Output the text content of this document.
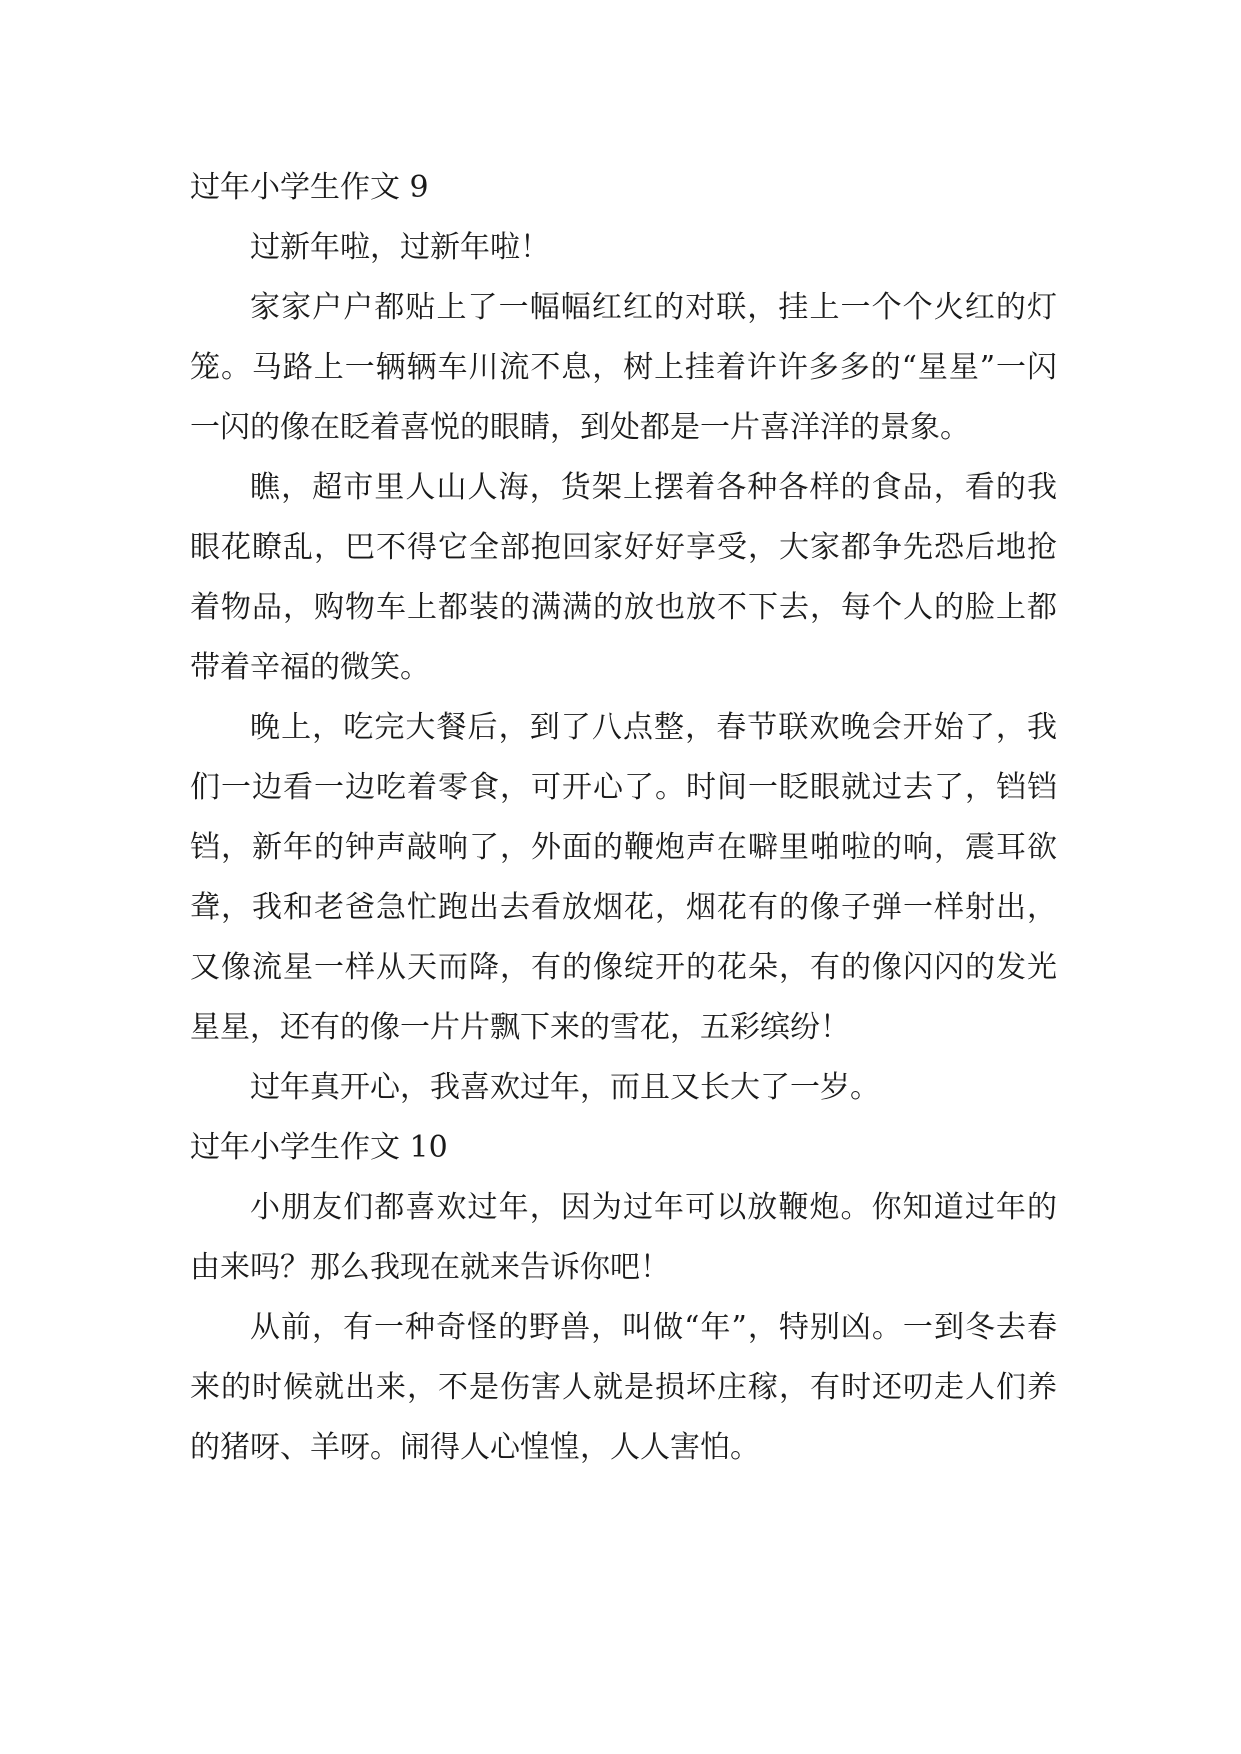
过年小学生作文 9

过新年啦，过新年啦！

家家户户都贴上了一幅幅红红的对联，挂上一个个火红的灯笼。马路上一辆辆车川流不息，树上挂着许许多多的“星星”一闪一闪的像在眨着喜悦的眼睛，到处都是一片喜洋洋的景象。

瞧，超市里人山人海，货架上摆着各种各样的食品，看的我眼花瞭乱，巴不得它全部抱回家好好享受，大家都争先恐后地抢着物品，购物车上都装的满满的放也放不下去，每个人的脸上都带着辛福的微笑。

晚上，吃完大餐后，到了八点整，春节联欢晚会开始了，我们一边看一边吃着零食，可开心了。时间一眨眼就过去了，铛铛铛，新年的钟声敲响了，外面的鞭炮声在噼里啪啦的响，震耳欲聋，我和老爸急忙跑出去看放烟花，烟花有的像子弹一样射出，又像流星一样从天而降，有的像绽开的花朵，有的像闪闪的发光星星，还有的像一片片飘下来的雪花，五彩缤纷！

过年真开心，我喜欢过年，而且又长大了一岁。

过年小学生作文 10

小朋友们都喜欢过年，因为过年可以放鞭炮。你知道过年的由来吗？那么我现在就来告诉你吧！

从前，有一种奇怪的野兽，叫做“年”，特别凶。一到冬去春来的时候就出来，不是伤害人就是损坏庄稼，有时还叨走人们养的猪呀、羊呀。闹得人心惶惶，人人害怕。
